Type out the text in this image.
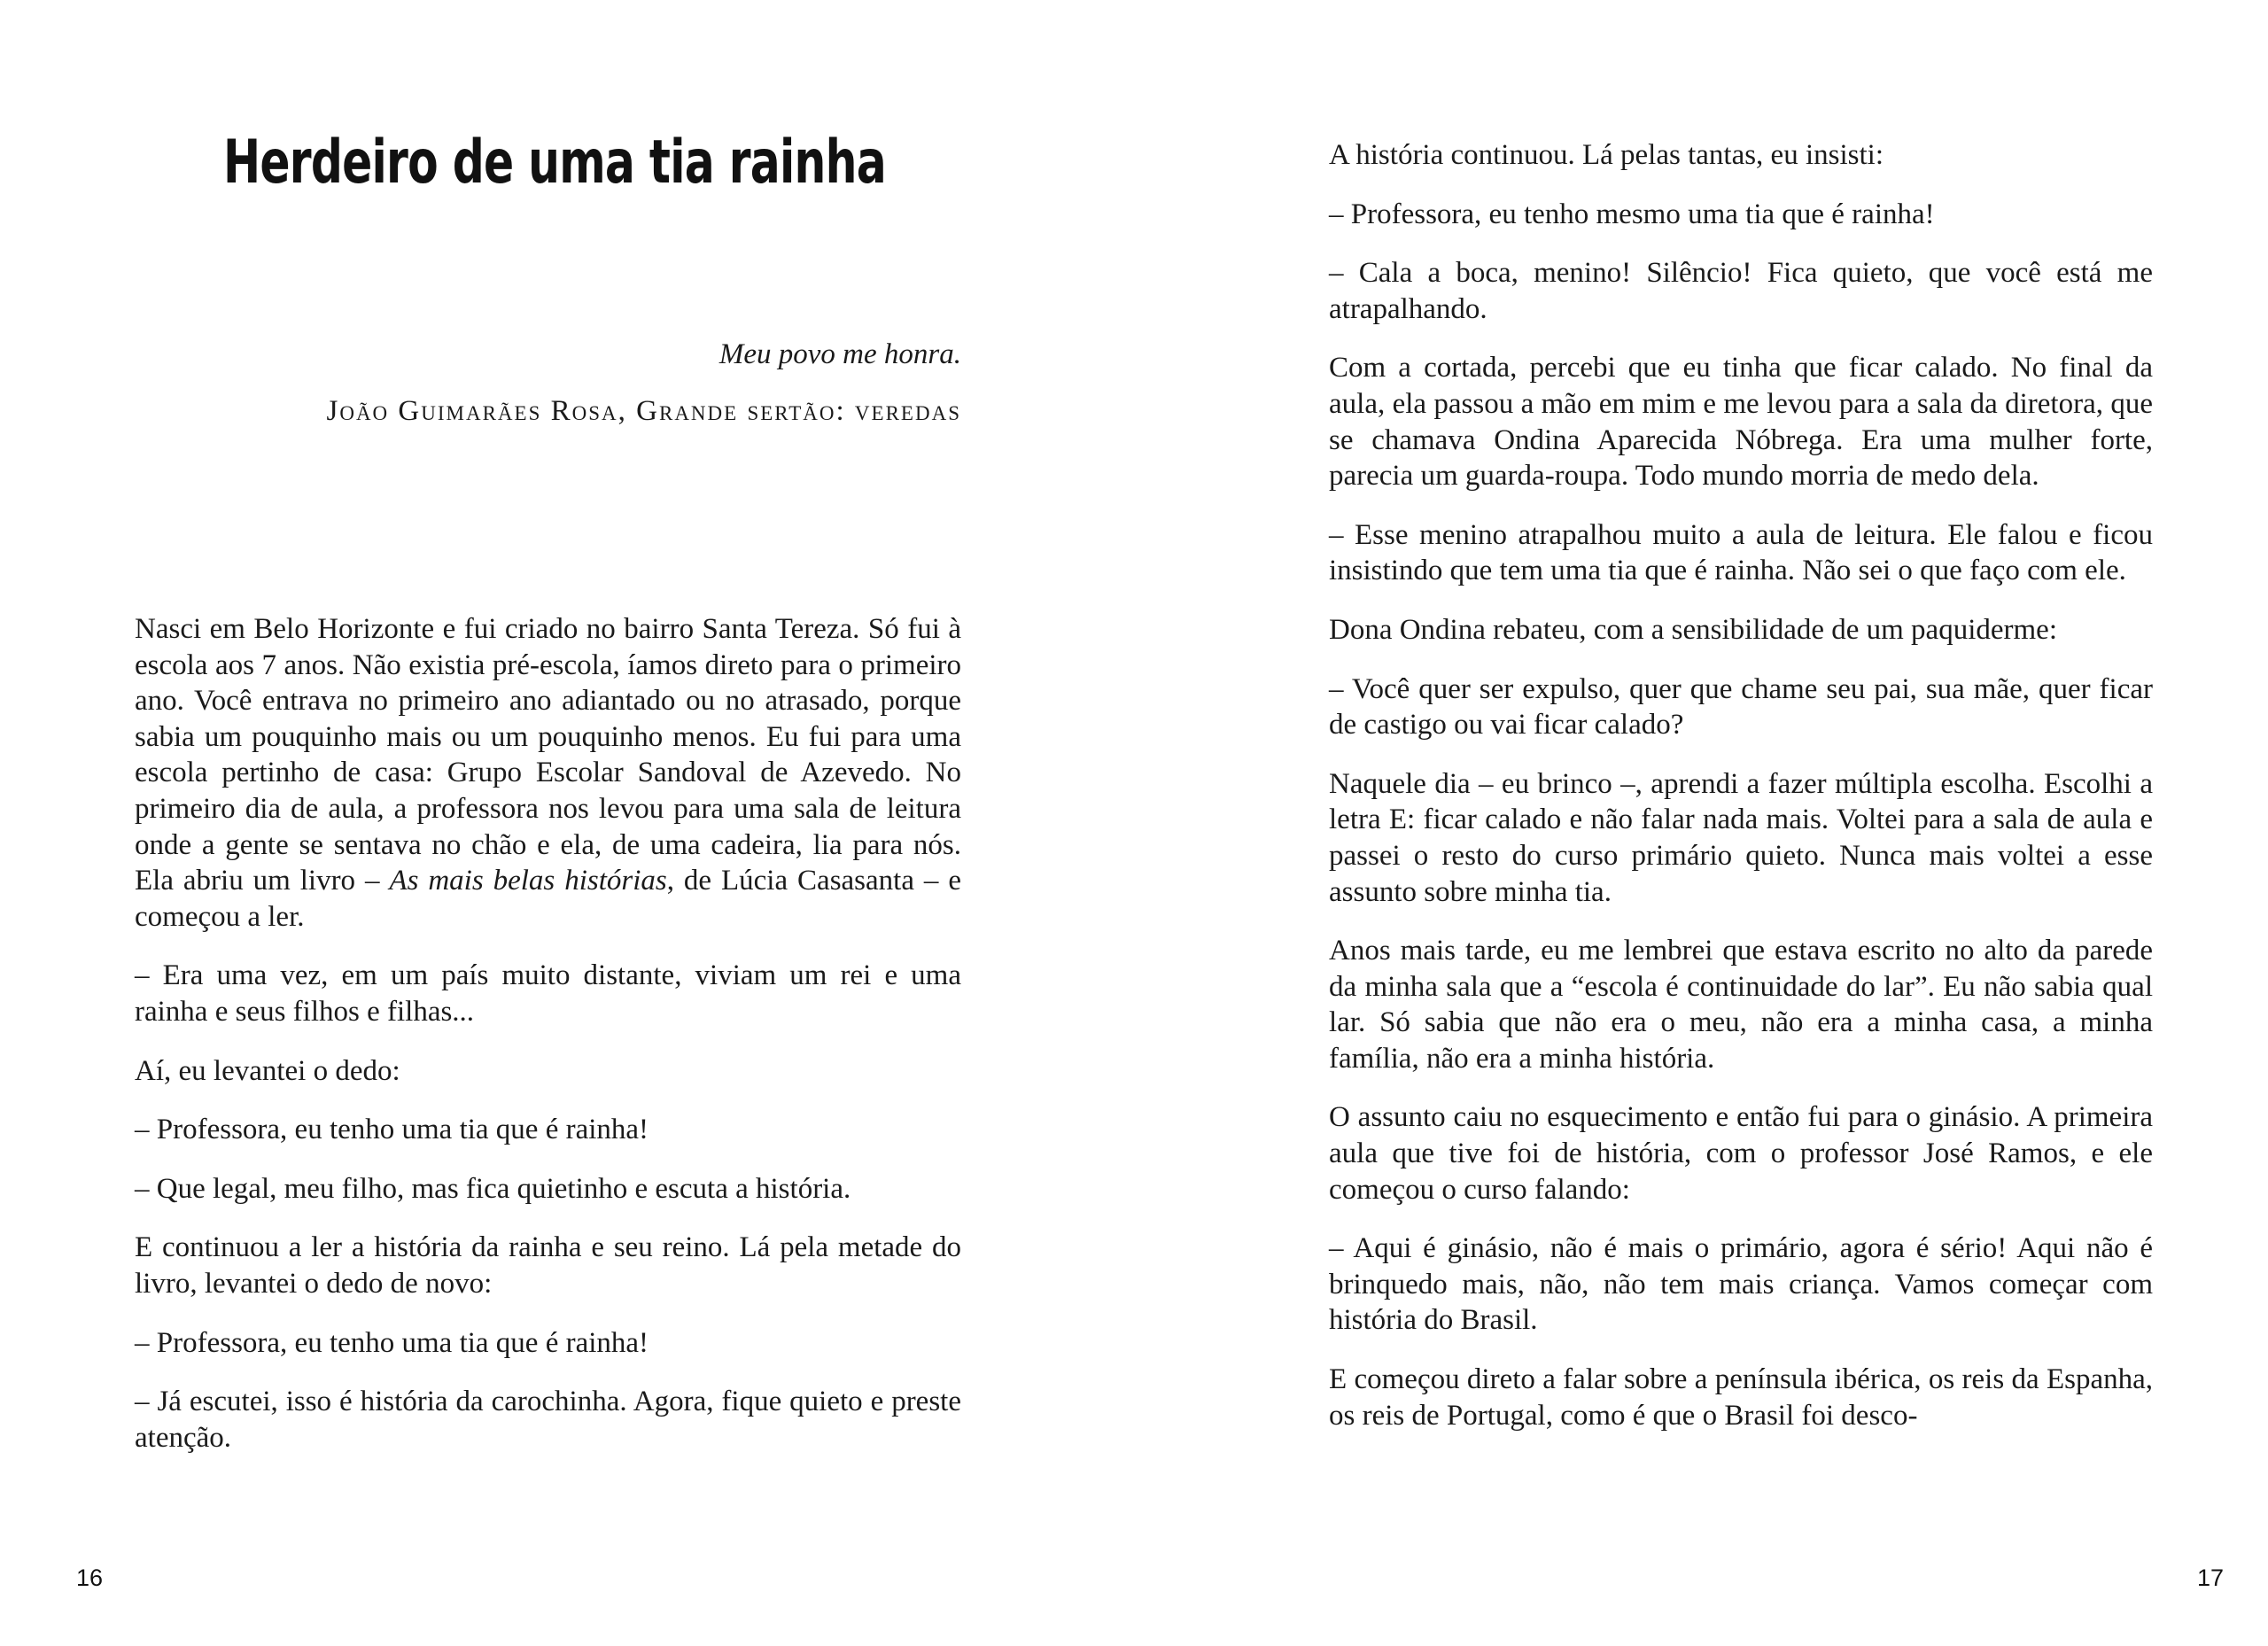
Herdeiro de uma tia rainha

Meu povo me honra.

João Guimarães Rosa, Grande sertão: veredas

Nasci em Belo Horizonte e fui criado no bairro Santa Tereza. Só fui à escola aos 7 anos. Não existia pré-escola, íamos direto para o primeiro ano. Você entrava no primeiro ano adiantado ou no atrasado, porque sabia um pouquinho mais ou um pouquinho menos. Eu fui para uma escola pertinho de casa: Grupo Escolar Sandoval de Azevedo. No primeiro dia de aula, a professora nos levou para uma sala de leitura onde a gente se sentava no chão e ela, de uma cadeira, lia para nós. Ela abriu um livro – As mais belas histórias, de Lúcia Casasanta – e começou a ler.

– Era uma vez, em um país muito distante, viviam um rei e uma rainha e seus filhos e filhas...

Aí, eu levantei o dedo:

– Professora, eu tenho uma tia que é rainha!

– Que legal, meu filho, mas fica quietinho e escuta a história.

E continuou a ler a história da rainha e seu reino. Lá pela metade do livro, levantei o dedo de novo:

– Professora, eu tenho uma tia que é rainha!

– Já escutei, isso é história da carochinha. Agora, fique quieto e preste atenção.

16

A história continuou. Lá pelas tantas, eu insisti:

– Professora, eu tenho mesmo uma tia que é rainha!

– Cala a boca, menino! Silêncio! Fica quieto, que você está me atrapalhando.

Com a cortada, percebi que eu tinha que ficar calado. No final da aula, ela passou a mão em mim e me levou para a sala da diretora, que se chamava Ondina Aparecida Nóbrega. Era uma mulher forte, parecia um guarda-roupa. Todo mundo morria de medo dela.

– Esse menino atrapalhou muito a aula de leitura. Ele falou e ficou insistindo que tem uma tia que é rainha. Não sei o que faço com ele.

Dona Ondina rebateu, com a sensibilidade de um paquiderme:

– Você quer ser expulso, quer que chame seu pai, sua mãe, quer ficar de castigo ou vai ficar calado?

Naquele dia – eu brinco –, aprendi a fazer múltipla escolha. Escolhi a letra E: ficar calado e não falar nada mais. Voltei para a sala de aula e passei o resto do curso primário quieto. Nunca mais voltei a esse assunto sobre minha tia.

Anos mais tarde, eu me lembrei que estava escrito no alto da parede da minha sala que a “escola é continuidade do lar”. Eu não sabia qual lar. Só sabia que não era o meu, não era a minha casa, a minha família, não era a minha história.

O assunto caiu no esquecimento e então fui para o ginásio. A primeira aula que tive foi de história, com o professor José Ramos, e ele começou o curso falando:

– Aqui é ginásio, não é mais o primário, agora é sério! Aqui não é brinquedo mais, não, não tem mais criança. Vamos começar com história do Brasil.

E começou direto a falar sobre a península ibérica, os reis da Espanha, os reis de Portugal, como é que o Brasil foi desco-

17
